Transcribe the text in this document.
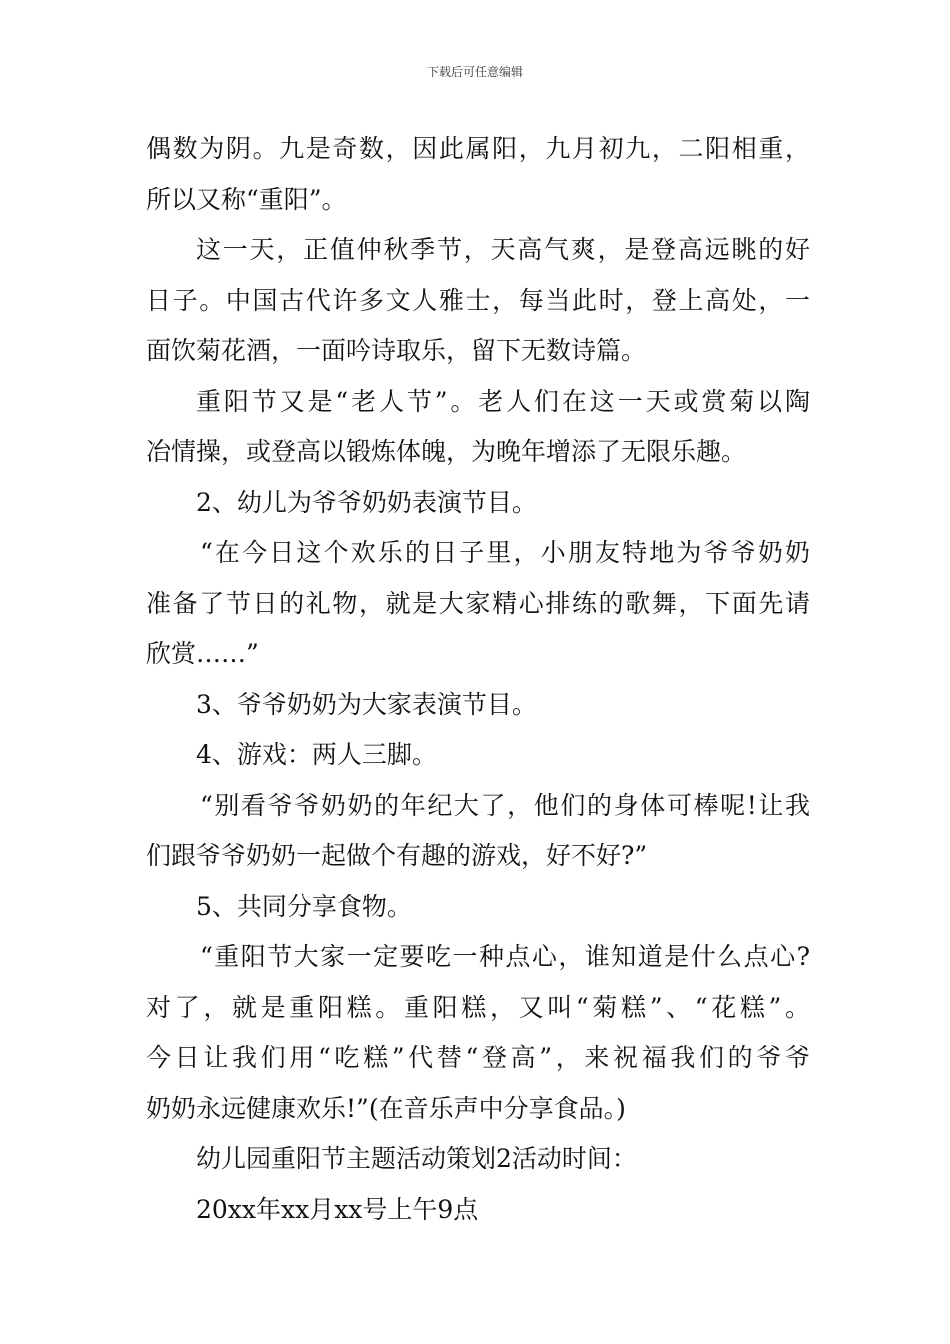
下载后可任意编辑

偶数为阴。九是奇数，因此属阳，九月初九，二阳相重，

所以又称“重阳”。

这一天，正值仲秋季节，天高气爽，是登高远眺的好

日子。中国古代许多文人雅士，每当此时，登上高处，一

面饮菊花酒，一面吟诗取乐，留下无数诗篇。

重阳节又是“老人节”。老人们在这一天或赏菊以陶

冶情操，或登高以锻炼体魄，为晚年增添了无限乐趣。

2、幼儿为爷爷奶奶表演节目。

“在今日这个欢乐的日子里，小朋友特地为爷爷奶奶

准备了节日的礼物，就是大家精心排练的歌舞，下面先请

欣赏……”

3、爷爷奶奶为大家表演节目。

4、游戏：两人三脚。

“别看爷爷奶奶的年纪大了，他们的身体可棒呢!让我

们跟爷爷奶奶一起做个有趣的游戏，好不好?”

5、共同分享食物。

“重阳节大家一定要吃一种点心，谁知道是什么点心?

对了，就是重阳糕。重阳糕，又叫“菊糕”、“花糕”。

今日让我们用“吃糕”代替“登高”，来祝福我们的爷爷

奶奶永远健康欢乐!”(在音乐声中分享食品。)

幼儿园重阳节主题活动策划2活动时间：

20xx年xx月xx号上午9点
